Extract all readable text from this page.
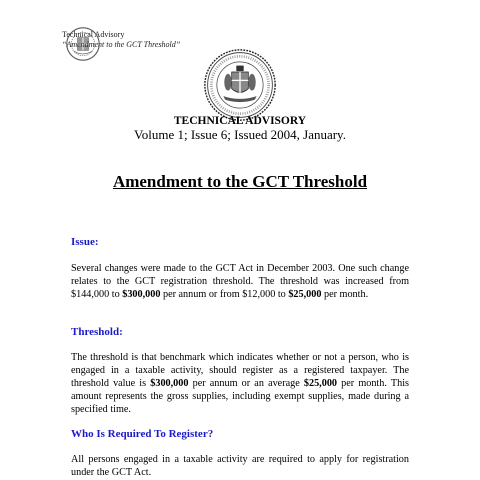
Technical Advisory
“Amendment to the GCT Threshold”
TECHNICAL ADVISORY
Volume 1; Issue 6; Issued 2004, January.
Amendment to the GCT Threshold
Issue:
Several changes were made to the GCT Act in December 2003. One such change relates to the GCT registration threshold. The threshold was increased from $144,000 to $300,000 per annum or from $12,000 to $25,000 per month.
Threshold:
The threshold is that benchmark which indicates whether or not a person, who is engaged in a taxable activity, should register as a registered taxpayer. The threshold value is $300,000 per annum or an average $25,000 per month. This amount represents the gross supplies, including exempt supplies, made during a specified time.
Who Is Required To Register?
All persons engaged in a taxable activity are required to apply for registration under the GCT Act.
